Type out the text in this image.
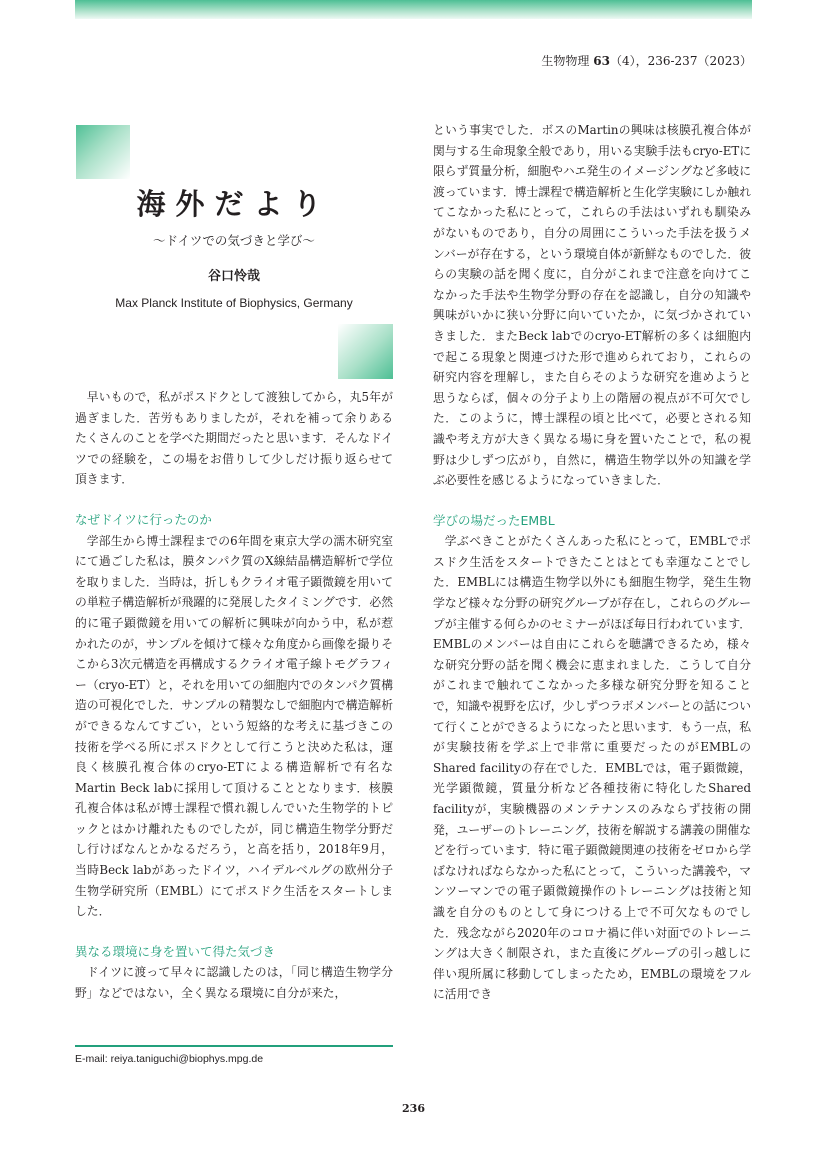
生物物理 63（4），236-237（2023）
海外だより
〜ドイツでの気づきと学び〜
谷口怜哉
Max Planck Institute of Biophysics, Germany

早いもので，私がポスドクとして渡独してから，丸5年が過ぎました．苦労もありましたが，それを補って余りあるたくさんのことを学べた期間だったと思います．そんなドイツでの経験を，この場をお借りして少しだけ振り返らせて頂きます．

なぜドイツに行ったのか

学部生から博士課程までの6年間を東京大学の濡木研究室にて過ごした私は，膜タンパク質のX線結晶構造解析で学位を取りました．当時は，折しもクライオ電子顕微鏡を用いての単粒子構造解析が飛躍的に発展したタイミングです．必然的に電子顕微鏡を用いての解析に興味が向かう中，私が惹かれたのが，サンプルを傾けて様々な角度から画像を撮りそこから3次元構造を再構成するクライオ電子線トモグラフィー（cryo-ET）と，それを用いての細胞内でのタンパク質構造の可視化でした．サンプルの精製なしで細胞内で構造解析ができるなんてすごい，という短絡的な考えに基づきこの技術を学べる所にポスドクとして行こうと決めた私は，運良く核膜孔複合体のcryo-ETによる構造解析で有名なMartin Beck labに採用して頂けることとなります．核膜孔複合体は私が博士課程で慣れ親しんでいた生物学的トピックとはかけ離れたものでしたが，同じ構造生物学分野だし行けばなんとかなるだろう，と高を括り，2018年9月，当時Beck labがあったドイツ，ハイデルベルグの欧州分子生物学研究所（EMBL）にてポスドク生活をスタートしました．

異なる環境に身を置いて得た気づき

ドイツに渡って早々に認識したのは，「同じ構造生物学分野」などではない，全く異なる環境に自分が来た，

という事実でした．ボスのMartinの興味は核膜孔複合体が関与する生命現象全般であり，用いる実験手法もcryo-ETに限らず質量分析，細胞やハエ発生のイメージングなど多岐に渡っています．博士課程で構造解析と生化学実験にしか触れてこなかった私にとって，これらの手法はいずれも馴染みがないものであり，自分の周囲にこういった手法を扱うメンバーが存在する，という環境自体が新鮮なものでした．彼らの実験の話を聞く度に，自分がこれまで注意を向けてこなかった手法や生物学分野の存在を認識し，自分の知識や興味がいかに狭い分野に向いていたか，に気づかされていきました．またBeck labでのcryo-ET解析の多くは細胞内で起こる現象と関連づけた形で進められており，これらの研究内容を理解し，また自らそのような研究を進めようと思うならば，個々の分子より上の階層の視点が不可欠でした．このように，博士課程の頃と比べて，必要とされる知識や考え方が大きく異なる場に身を置いたことで，私の視野は少しずつ広がり，自然に，構造生物学以外の知識を学ぶ必要性を感じるようになっていきました．

学びの場だったEMBL

学ぶべきことがたくさんあった私にとって，EMBLでポスドク生活をスタートできたことはとても幸運なことでした．EMBLには構造生物学以外にも細胞生物学，発生生物学など様々な分野の研究グループが存在し，これらのグループが主催する何らかのセミナーがほぼ毎日行われています．EMBLのメンバーは自由にこれらを聴講できるため，様々な研究分野の話を聞く機会に恵まれました．こうして自分がこれまで触れてこなかった多様な研究分野を知ることで，知識や視野を広げ，少しずつラボメンバーとの話について行くことができるようになったと思います．もう一点，私が実験技術を学ぶ上で非常に重要だったのがEMBLのShared facilityの存在でした．EMBLでは，電子顕微鏡，光学顕微鏡，質量分析など各種技術に特化したShared facilityが，実験機器のメンテナンスのみならず技術の開発，ユーザーのトレーニング，技術を解説する講義の開催などを行っています．特に電子顕微鏡関連の技術をゼロから学ばなければならなかった私にとって，こういった講義や，マンツーマンでの電子顕微鏡操作のトレーニングは技術と知識を自分のものとして身につける上で不可欠なものでした．残念ながら2020年のコロナ禍に伴い対面でのトレーニングは大きく制限され，また直後にグループの引っ越しに伴い現所属に移動してしまったため，EMBLの環境をフルに活用でき

E-mail: reiya.taniguchi@biophys.mpg.de
236
